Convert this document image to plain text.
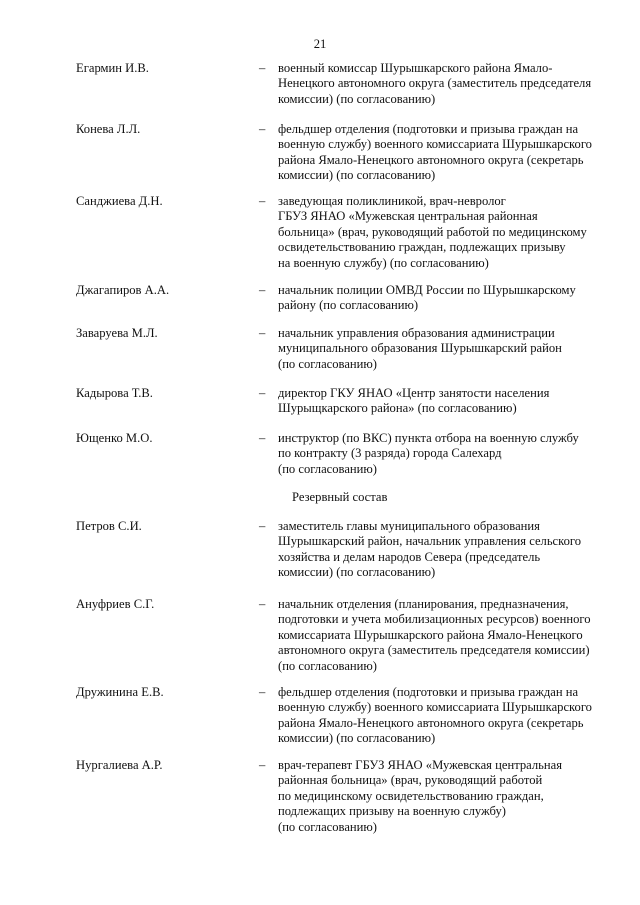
21
Егармин И.В.	– военный комиссар Шурышкарского района Ямало-
Ненецкого автономного округа (заместитель председателя
комиссии) (по согласованию)
Конева Л.Л.	– фельдшер отделения (подготовки и призыва граждан на
военную службу) военного комиссариата Шурышкарского
района Ямало-Ненецкого автономного округа (секретарь
комиссии) (по согласованию)
Санджиева Д.Н.	– заведующая поликлиникой, врач-невролог
ГБУЗ ЯНАО «Мужевская центральная районная
больница» (врач, руководящий работой по медицинскому
освидетельствованию граждан, подлежащих призыву
на военную службу) (по согласованию)
Джагапиров А.А.	– начальник полиции ОМВД России по Шурышкарскому
району (по согласованию)
Заваруева М.Л.	– начальник управления образования администрации
муниципального образования Шурышкарский район
(по согласованию)
Кадырова Т.В.	– директор ГКУ ЯНАО «Центр занятости населения
Шурыщкарского района» (по согласованию)
Ющенко М.О.	– инструктор (по ВКС) пункта отбора на военную службу
по контракту (3 разряда) города Салехард
(по согласованию)
Резервный состав
Петров С.И.	– заместитель главы муниципального образования
Шурышкарский район, начальник управления сельского
хозяйства и делам народов Севера (председатель
комиссии) (по согласованию)
Ануфриев С.Г.	– начальник отделения (планирования, предназначения,
подготовки и учета мобилизационных ресурсов) военного
комиссариата Шурышкарского района Ямало-Ненецкого
автономного округа (заместитель председателя комиссии)
(по согласованию)
Дружинина Е.В.	– фельдшер отделения (подготовки и призыва граждан на
военную службу) военного комиссариата Шурышкарского
района Ямало-Ненецкого автономного округа (секретарь
комиссии) (по согласованию)
Нургалиева А.Р.	– врач-терапевт ГБУЗ ЯНАО «Мужевская центральная
районная больница» (врач, руководящий работой
по медицинскому освидетельствованию граждан,
подлежащих призыву на военную службу)
(по согласованию)
